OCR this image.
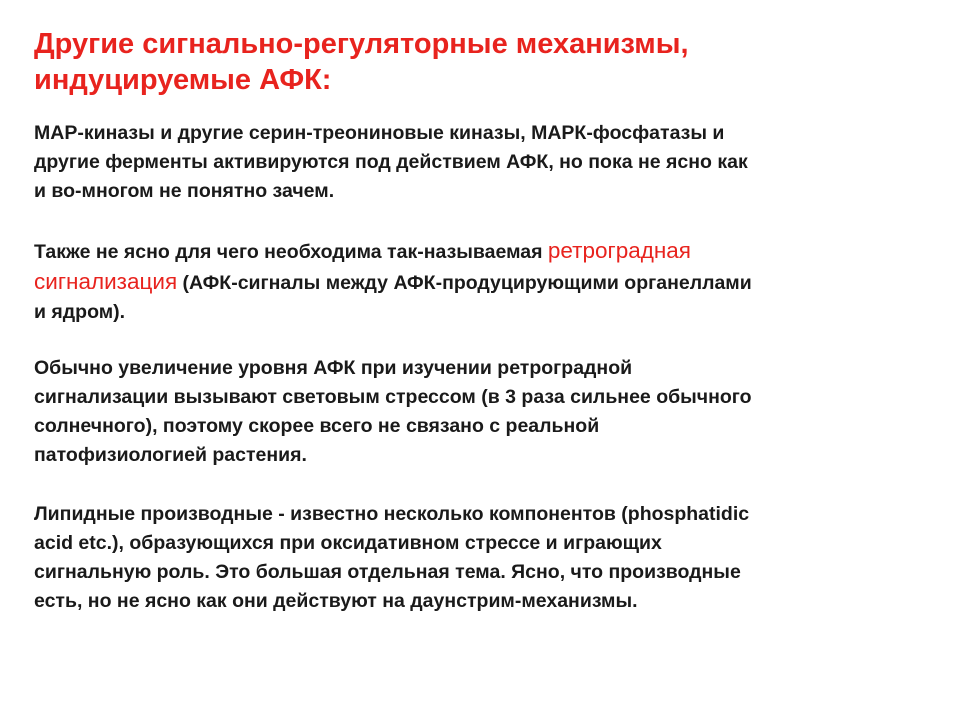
Другие сигнально-регуляторные механизмы,
индуцируемые АФК:

МАР-киназы и другие серин-треониновые киназы, МАРК-фосфатазы и
другие ферменты активируются под действием АФК, но пока не ясно как
и во-многом не понятно зачем.

Также не ясно для чего необходима так-называемая ретроградная
сигнализация (АФК-сигналы между АФК-продуцирующими органеллами
и ядром).

Обычно увеличение уровня АФК при изучении ретроградной
сигнализации вызывают световым стрессом (в 3 раза сильнее обычного
солнечного), поэтому скорее всего не связано с реальной
патофизиологией растения.

Липидные производные - известно несколько компонентов (phosphatidic
acid etc.), образующихся при оксидативном стрессе и играющих
сигнальную роль. Это большая отдельная тема. Ясно, что производные
есть, но не ясно как они действуют на даунстрим-механизмы.
